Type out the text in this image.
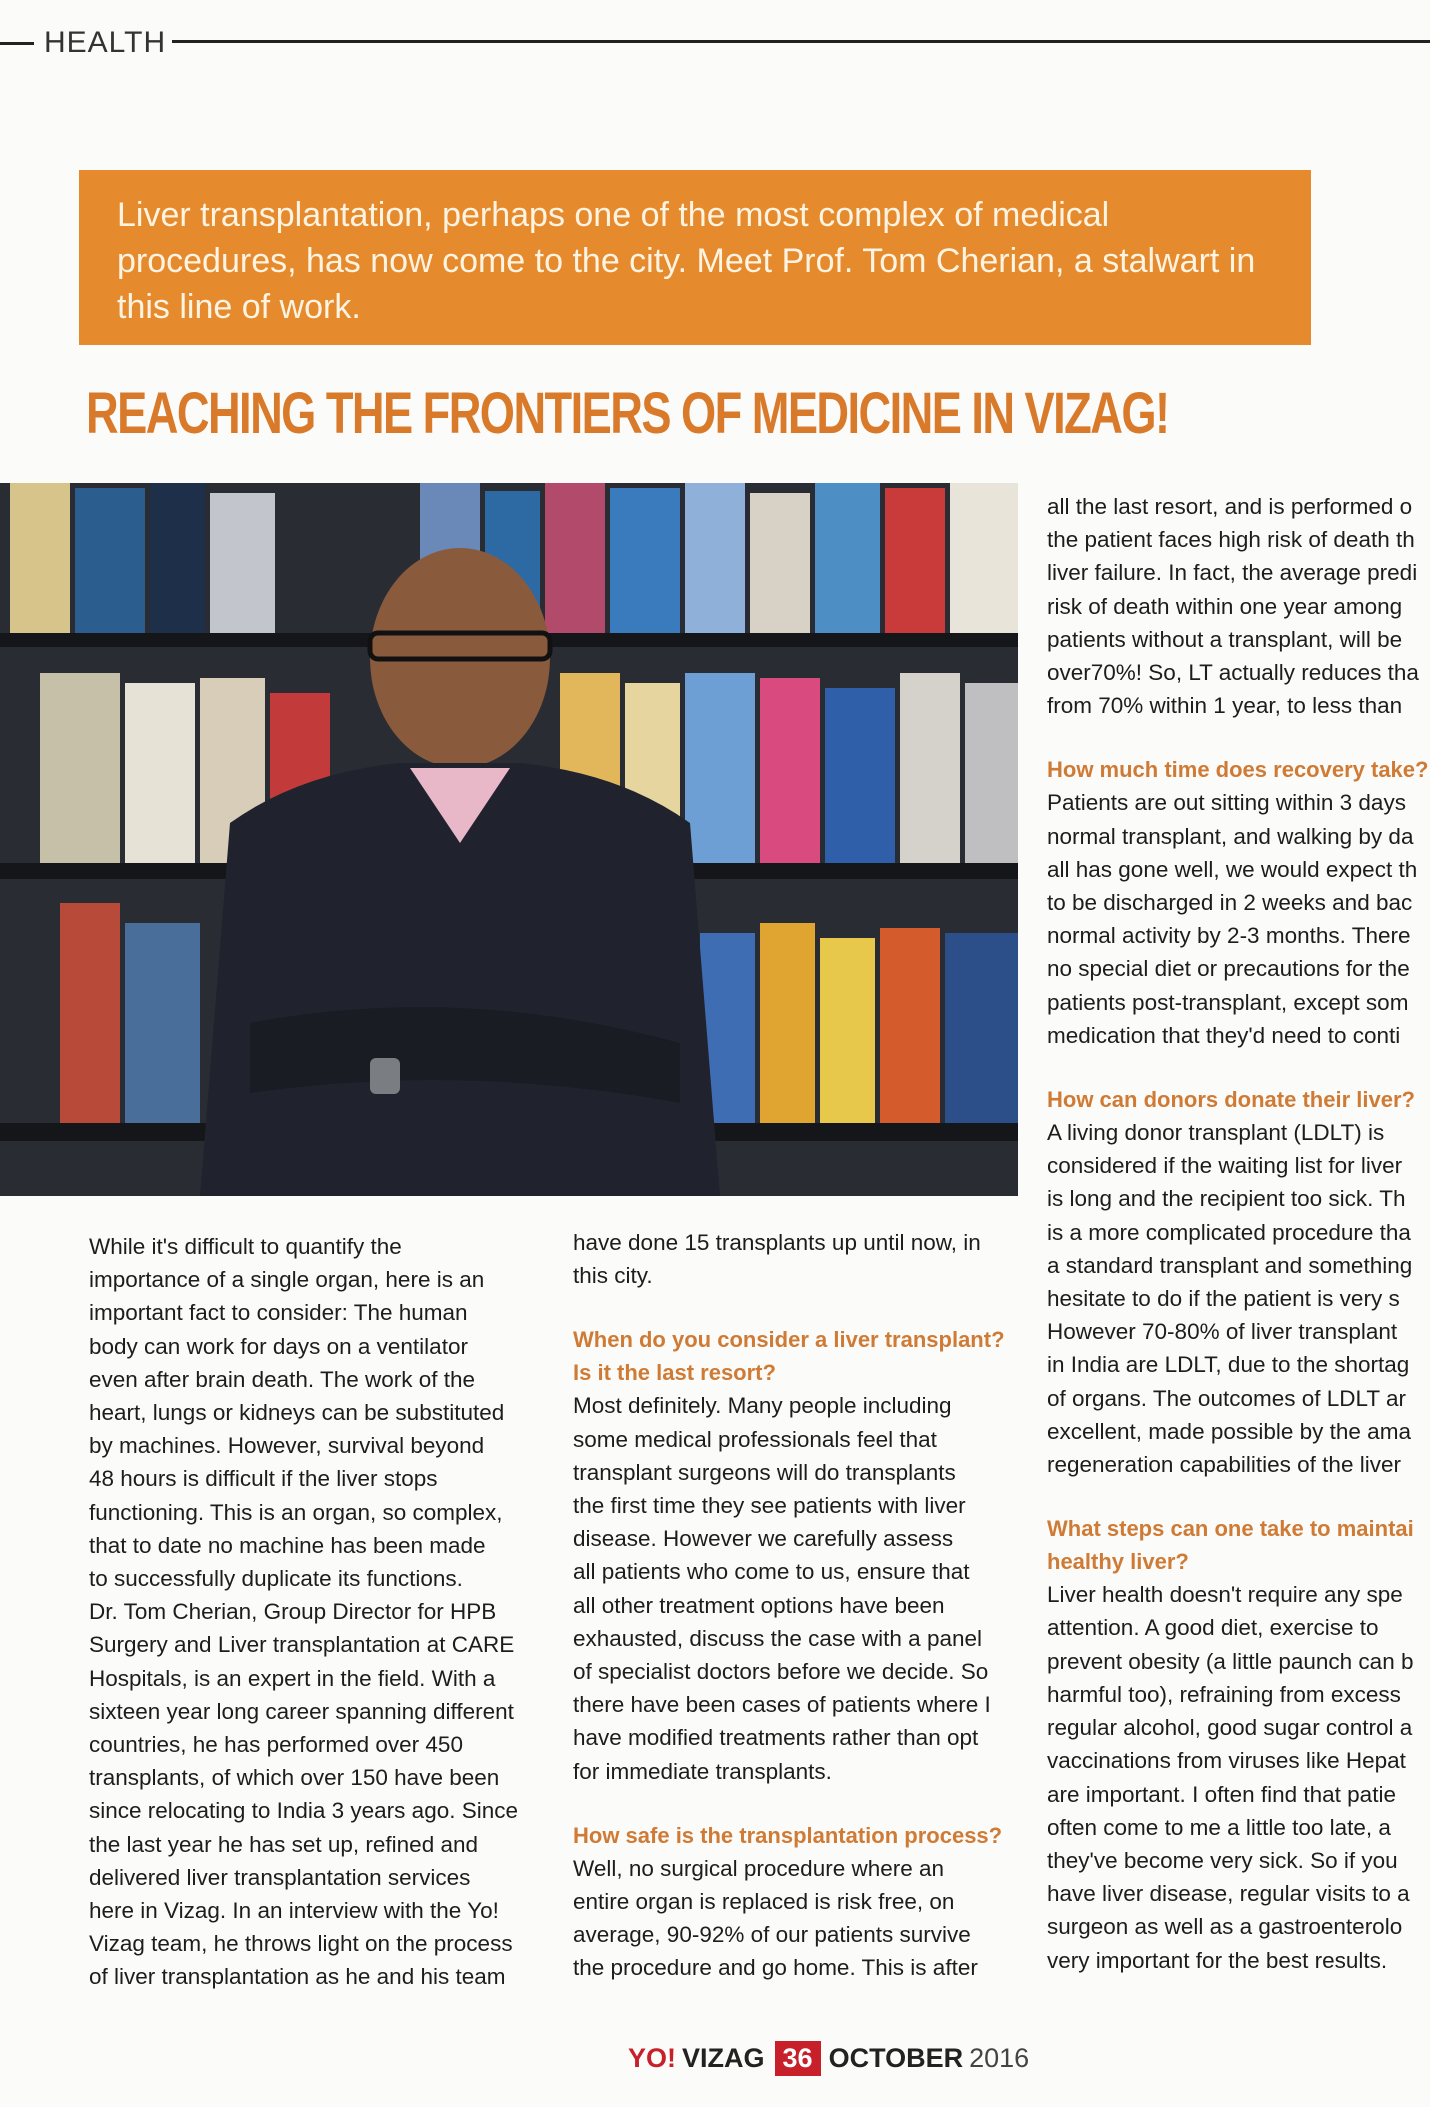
HEALTH
Liver transplantation, perhaps one of the most complex of medical procedures, has now come to the city. Meet Prof. Tom Cherian, a stalwart in this line of work.
REACHING THE FRONTIERS OF MEDICINE IN VIZAG!

While it's difficult to quantify the

importance of a single organ, here is an

important fact to consider: The human

body can work for days on a ventilator

even after brain death. The work of the

heart, lungs or kidneys can be substituted

by machines. However, survival beyond

48 hours is difficult if the liver stops

functioning. This is an organ, so complex,

that to date no machine has been made

to successfully duplicate its functions.

Dr. Tom Cherian, Group Director for HPB

Surgery and Liver transplantation at CARE

Hospitals, is an expert in the field. With a

sixteen year long career spanning different

countries, he has performed over 450

transplants, of which over 150 have been

since relocating to India 3 years ago. Since

the last year he has set up, refined and

delivered liver transplantation services

here in Vizag. In an interview with the Yo!

Vizag team, he throws light on the process

of liver transplantation as he and his team

have done 15 transplants up until now, in

this city.

When do you consider a liver transplant?
Is it the last resort?

Most definitely. Many people including

some medical professionals feel that

transplant surgeons will do transplants

the first time they see patients with liver

disease. However we carefully assess

all patients who come to us, ensure that

all other treatment options have been

exhausted, discuss the case with a panel

of specialist doctors before we decide. So

there have been cases of patients where I

have modified treatments rather than opt

for immediate transplants.

How safe is the transplantation process?

Well, no surgical procedure where an

entire organ is replaced is risk free, on

average, 90-92% of our patients survive

the procedure and go home. This is after

all the last resort, and is performed o

the patient faces high risk of death th

liver failure. In fact, the average predi

risk of death within one year among

patients without a transplant, will be

over70%! So, LT actually reduces tha

from 70% within 1 year, to less than

How much time does recovery take?

Patients are out sitting within 3 days

normal transplant, and walking by da

all has gone well, we would expect th

to be discharged in 2 weeks and bac

normal activity by 2-3 months. There

no special diet or precautions for the

patients post-transplant, except som

medication that they'd need to conti

How can donors donate their liver?

A living donor transplant (LDLT) is

considered if the waiting list for liver

is long and the recipient too sick. Th

is a more complicated procedure tha

a standard transplant and something

hesitate to do if the patient is very s

However 70-80% of liver transplant

in India are LDLT, due to the shortag

of organs. The outcomes of LDLT ar

excellent, made possible by the ama

regeneration capabilities of the liver

What steps can one take to maintai
healthy liver?

Liver health doesn't require any spe

attention. A good diet, exercise to

prevent obesity (a little paunch can b

harmful too), refraining from excess

regular alcohol, good sugar control a

vaccinations from viruses like Hepat

are important. I often find that patie

often come to me a little too late, a

they've become very sick. So if you

have liver disease, regular visits to a

surgeon as well as a gastroenterolo

very important for the best results.

YO! VIZAG 36 OCTOBER 2016
